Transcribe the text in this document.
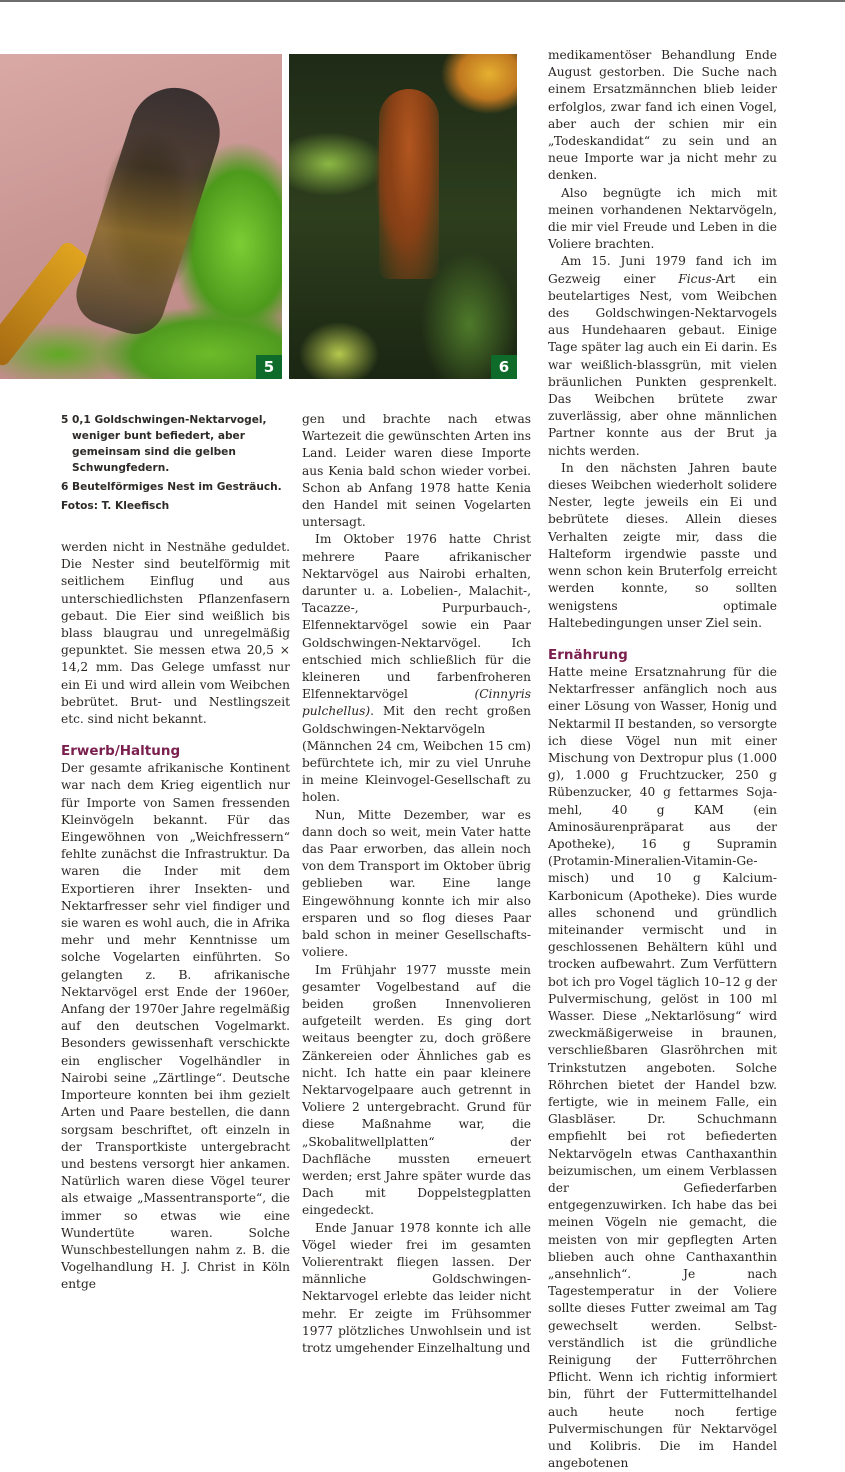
5	6
5 0,1 Goldschwingen-Nektarvogel, weniger bunt befiedert, aber gemeinsam sind die gelben Schwungfedern.
6 Beutelförmiges Nest im Gesträuch.
Fotos: T. Kleefisch

werden nicht in Nestnähe geduldet. Die Nester sind beutelförmig mit seitlichem Einflug und aus unterschiedlichsten Pflanzenfasern gebaut. Die Eier sind weißlich bis blass blaugrau und unregelmäßig gepunktet. Sie messen etwa 20,5 × 14,2 mm. Das Gelege umfasst nur ein Ei und wird allein vom Weibchen bebrütet. Brut- und Nestlingszeit etc. sind nicht bekannt.

Erwerb/Haltung

Der gesamte afrikanische Kontinent war nach dem Krieg eigentlich nur für Importe von Samen fressenden Kleinvögeln bekannt. Für das Eingewöhnen von „Weichfressern“ fehlte zunächst die Infrastruktur. Da waren die Inder mit dem Exportieren ihrer Insekten- und Nektarfresser sehr viel findiger und sie waren es wohl auch, die in Afrika mehr und mehr Kenntnisse um solche Vogelarten einführten. So gelangten z. B. afrikanische Nektarvögel erst Ende der 1960er, Anfang der 1970er Jahre regelmäßig auf den deutschen Vogelmarkt. Besonders gewissenhaft verschickte ein englischer Vogelhändler in Nairobi seine „Zärtlinge“. Deutsche Importeure konnten bei ihm gezielt Arten und Paare bestellen, die dann sorgsam beschriftet, oft einzeln in der Transportkiste untergebracht und bestens versorgt hier ankamen. Natürlich waren diese Vögel teurer als etwaige „Massentransporte“, die immer so etwas wie eine Wundertüte waren. Solche Wunschbestellungen nahm z. B. die Vogelhandlung H. J. Christ in Köln entge

gen und brachte nach etwas Wartezeit die gewünschten Arten ins Land. Leider waren diese Importe aus Kenia bald schon wieder vorbei. Schon ab Anfang 1978 hatte Kenia den Handel mit seinen Vogelarten untersagt.

Im Oktober 1976 hatte Christ mehrere Paare afrikanischer Nektarvögel aus Nairobi erhalten, darunter u. a. Lobelien-, Malachit-, Tacazze-, Purpurbauch-, Elfennektarvögel sowie ein Paar Goldschwingen-Nektarvögel. Ich entschied mich schließlich für die kleineren und farbenfroheren Elfennektarvögel (Cinnyris pulchellus). Mit den recht großen Goldschwingen-Nektarvögeln (Männchen 24 cm, Weibchen 15 cm) befürchtete ich, mir zu viel Unruhe in meine Kleinvogel-Gesellschaft zu holen.

Nun, Mitte Dezember, war es dann doch so weit, mein Vater hatte das Paar erworben, das allein noch von dem Transport im Oktober übrig geblieben war. Eine lange Eingewöhnung konnte ich mir also ersparen und so flog dieses Paar bald schon in meiner Gesellschaftsvoliere.

Im Frühjahr 1977 musste mein gesamter Vogelbestand auf die beiden großen Innenvolieren aufgeteilt werden. Es ging dort weitaus beengter zu, doch größere Zänkereien oder Ähnliches gab es nicht. Ich hatte ein paar kleinere Nektarvogelpaare auch getrennt in Voliere 2 untergebracht. Grund für diese Maßnahme war, die „Skobalitwellplatten“ der Dachfläche mussten erneuert werden; erst Jahre später wurde das Dach mit Doppelstegplatten eingedeckt.

Ende Januar 1978 konnte ich alle Vögel wieder frei im gesamten Volierentrakt fliegen lassen. Der männliche Goldschwingen-Nektarvogel erlebte das leider nicht mehr. Er zeigte im Frühsommer 1977 plötzliches Unwohlsein und ist trotz umgehender Einzelhaltung und

medikamentöser Behandlung Ende August gestorben. Die Suche nach einem Ersatzmännchen blieb leider erfolglos, zwar fand ich einen Vogel, aber auch der schien mir ein „Todeskandidat“ zu sein und an neue Importe war ja nicht mehr zu denken.

Also begnügte ich mich mit meinen vorhandenen Nektarvögeln, die mir viel Freude und Leben in die Voliere brachten.

Am 15. Juni 1979 fand ich im Gezweig einer Ficus-Art ein beutelartiges Nest, vom Weibchen des Goldschwingen-Nektarvogels aus Hundehaaren gebaut. Einige Tage später lag auch ein Ei darin. Es war weißlich-blassgrün, mit vielen bräunlichen Punkten gesprenkelt. Das Weibchen brütete zwar zuverlässig, aber ohne männlichen Partner konnte aus der Brut ja nichts werden.

In den nächsten Jahren baute dieses Weibchen wiederholt solidere Nester, legte jeweils ein Ei und bebrütete dieses. Allein dieses Verhalten zeigte mir, dass die Halteform irgendwie passte und wenn schon kein Bruterfolg erreicht werden konnte, so sollten wenigstens optimale Haltebedingungen unser Ziel sein.

Ernährung

Hatte meine Ersatznahrung für die Nektarfresser anfänglich noch aus einer Lösung von Wasser, Honig und Nektarmil II bestanden, so versorgte ich diese Vögel nun mit einer Mischung von Dextropur plus (1.000 g), 1.000 g Fruchtzucker, 250 g Rübenzucker, 40 g fettarmes Sojamehl, 40 g KAM (ein Aminosäurenpräparat aus der Apotheke), 16 g Supramin (Protamin-Mineralien-Vitamin-Gemisch) und 10 g Kalcium-Karbonicum (Apotheke). Dies wurde alles schonend und gründlich miteinander vermischt und in geschlossenen Behältern kühl und trocken aufbewahrt. Zum Verfüttern bot ich pro Vogel täglich 10–12 g der Pulvermischung, gelöst in 100 ml Wasser. Diese „Nektarlösung“ wird zweckmäßigerweise in braunen, verschließbaren Glasröhrchen mit Trinkstutzen angeboten. Solche Röhrchen bietet der Handel bzw. fertigte, wie in meinem Falle, ein Glasbläser. Dr. Schuchmann empfiehlt bei rot befiederten Nektarvögeln etwas Canthaxanthin beizumischen, um einem Verblassen der Gefiederfarben entgegenzuwirken. Ich habe das bei meinen Vögeln nie gemacht, die meisten von mir gepflegten Arten blieben auch ohne Canthaxanthin „ansehnlich“. Je nach Tagestemperatur in der Voliere sollte dieses Futter zweimal am Tag gewechselt werden. Selbstverständlich ist die gründliche Reinigung der Futterröhrchen Pflicht. Wenn ich richtig informiert bin, führt der Futtermittelhandel auch heute noch fertige Pulvermischungen für Nektarvögel und Kolibris. Die im Handel angebotenen
